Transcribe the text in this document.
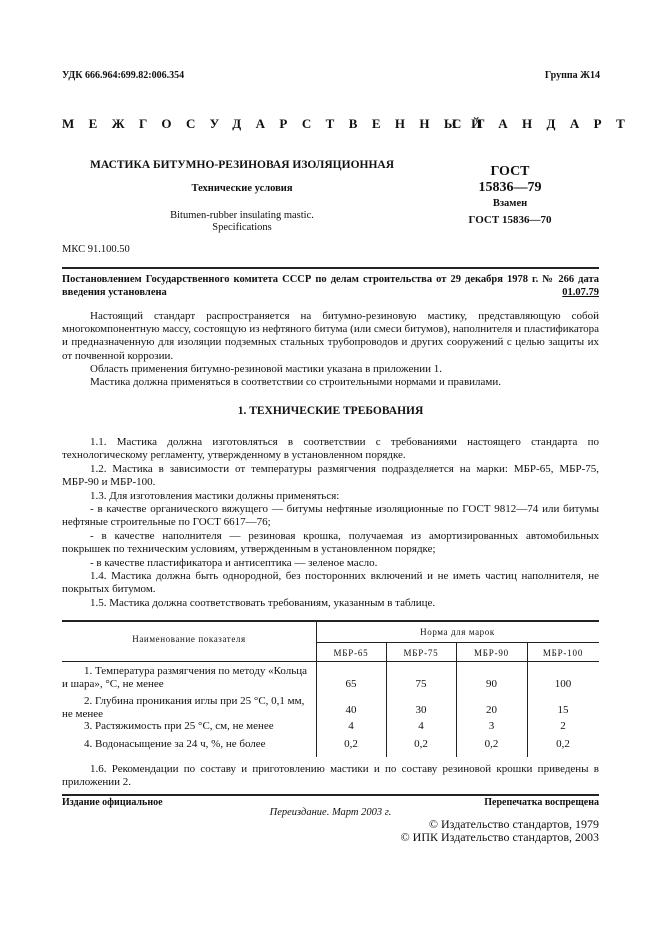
УДК 666.964:699.82:006.354	Группа Ж14
МЕЖГОСУДАРСТВЕННЫЙ
СТАНДАРТ
МАСТИКА БИТУМНО-РЕЗИНОВАЯ ИЗОЛЯЦИОННАЯ
Технические условия
Bitumen-rubber insulating mastic.
Specifications
ГОСТ
15836—79
Взамен
ГОСТ 15836—70
МКС 91.100.50
Постановлением Государственного комитета СССР по делам строительства от 29 декабря 1978 г. № 266 дата введения установлена	01.07.79
Настоящий стандарт распространяется на битумно-резиновую мастику, представляющую собой многокомпонентную массу, состоящую из нефтяного битума (или смеси битумов), наполнителя и пластификатора и предназначенную для изоляции подземных стальных трубопроводов и других сооружений с целью защиты их от почвенной коррозии.
Область применения битумно-резиновой мастики указана в приложении 1.
Мастика должна применяться в соответствии со строительными нормами и правилами.
1. ТЕХНИЧЕСКИЕ ТРЕБОВАНИЯ
1.1. Мастика должна изготовляться в соответствии с требованиями настоящего стандарта по технологическому регламенту, утвержденному в установленном порядке.
1.2. Мастика в зависимости от температуры размягчения подразделяется на марки: МБР-65, МБР-75, МБР-90 и МБР-100.
1.3. Для изготовления мастики должны применяться:
- в качестве органического вяжущего — битумы нефтяные изоляционные по ГОСТ 9812—74 или битумы нефтяные строительные по ГОСТ 6617—76;
- в качестве наполнителя — резиновая крошка, получаемая из амортизированных автомобильных покрышек по техническим условиям, утвержденным в установленном порядке;
- в качестве пластификатора и антисептика — зеленое масло.
1.4. Мастика должна быть однородной, без посторонних включений и не иметь частиц наполнителя, не покрытых битумом.
1.5. Мастика должна соответствовать требованиям, указанным в таблице.
Наименование показателя
Норма для марок
МБР-65	МБР-75	МБР-90	МБР-100
1. Температура размягчения по методу «Кольца
и шара», °С, не менее	65	75	90	100
2. Глубина проникания иглы при 25 °С, 0,1 мм,
не менее	40	30	20	15
3. Растяжимость при 25 °С, см, не менее	4	4	3	2
4. Водонасыщение за 24 ч, %, не более	0,2	0,2	0,2	0,2
1.6. Рекомендации по составу и приготовлению мастики и по составу резиновой крошки приведены в приложении 2.
Издание официальное	Перепечатка воспрещена
Переиздание. Март 2003 г.
© Издательство стандартов, 1979
© ИПК Издательство стандартов, 2003
